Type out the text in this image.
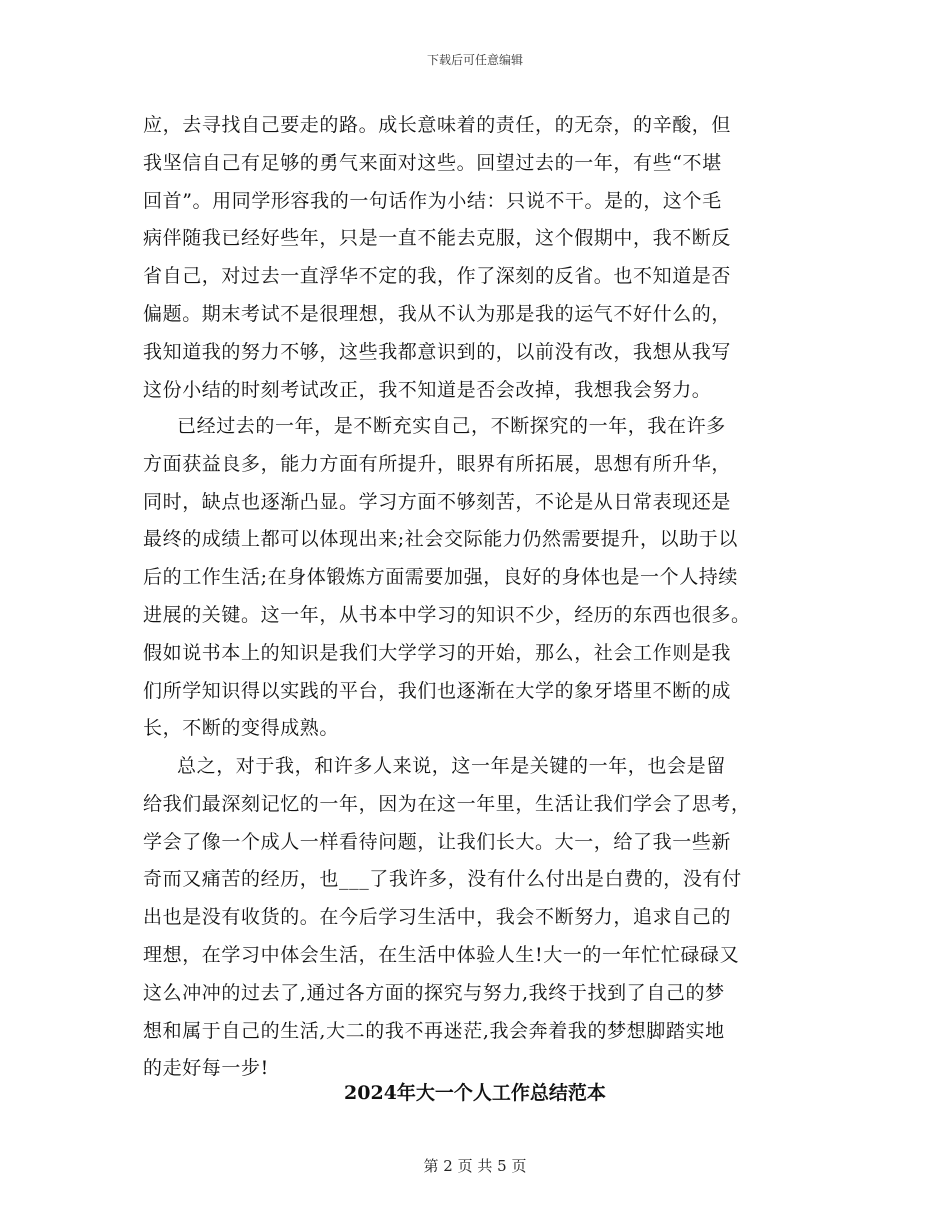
下载后可任意编辑
应，去寻找自己要走的路。成长意味着的责任，的无奈，的辛酸，但
我坚信自己有足够的勇气来面对这些。回望过去的一年，有些“不堪
回首”。用同学形容我的一句话作为小结：只说不干。是的，这个毛
病伴随我已经好些年，只是一直不能去克服，这个假期中，我不断反
省自己，对过去一直浮华不定的我，作了深刻的反省。也不知道是否
偏题。期末考试不是很理想，我从不认为那是我的运气不好什么的，
我知道我的努力不够，这些我都意识到的，以前没有改，我想从我写
这份小结的时刻考试改正，我不知道是否会改掉，我想我会努力。
已经过去的一年，是不断充实自己，不断探究的一年，我在许多
方面获益良多，能力方面有所提升，眼界有所拓展，思想有所升华，
同时，缺点也逐渐凸显。学习方面不够刻苦，不论是从日常表现还是
最终的成绩上都可以体现出来;社会交际能力仍然需要提升，以助于以
后的工作生活;在身体锻炼方面需要加强，良好的身体也是一个人持续
进展的关键。这一年，从书本中学习的知识不少，经历的东西也很多。
假如说书本上的知识是我们大学学习的开始，那么，社会工作则是我
们所学知识得以实践的平台，我们也逐渐在大学的象牙塔里不断的成
长，不断的变得成熟。
总之，对于我，和许多人来说，这一年是关键的一年，也会是留
给我们最深刻记忆的一年，因为在这一年里，生活让我们学会了思考，
学会了像一个成人一样看待问题，让我们长大。大一，给了我一些新
奇而又痛苦的经历，也___了我许多，没有什么付出是白费的，没有付
出也是没有收货的。在今后学习生活中，我会不断努力，追求自己的
理想，在学习中体会生活，在生活中体验人生!大一的一年忙忙碌碌又
这么冲冲的过去了,通过各方面的探究与努力,我终于找到了自己的梦
想和属于自己的生活,大二的我不再迷茫,我会奔着我的梦想脚踏实地
的走好每一步!
2024年大一个人工作总结范本
第 2 页 共 5 页
